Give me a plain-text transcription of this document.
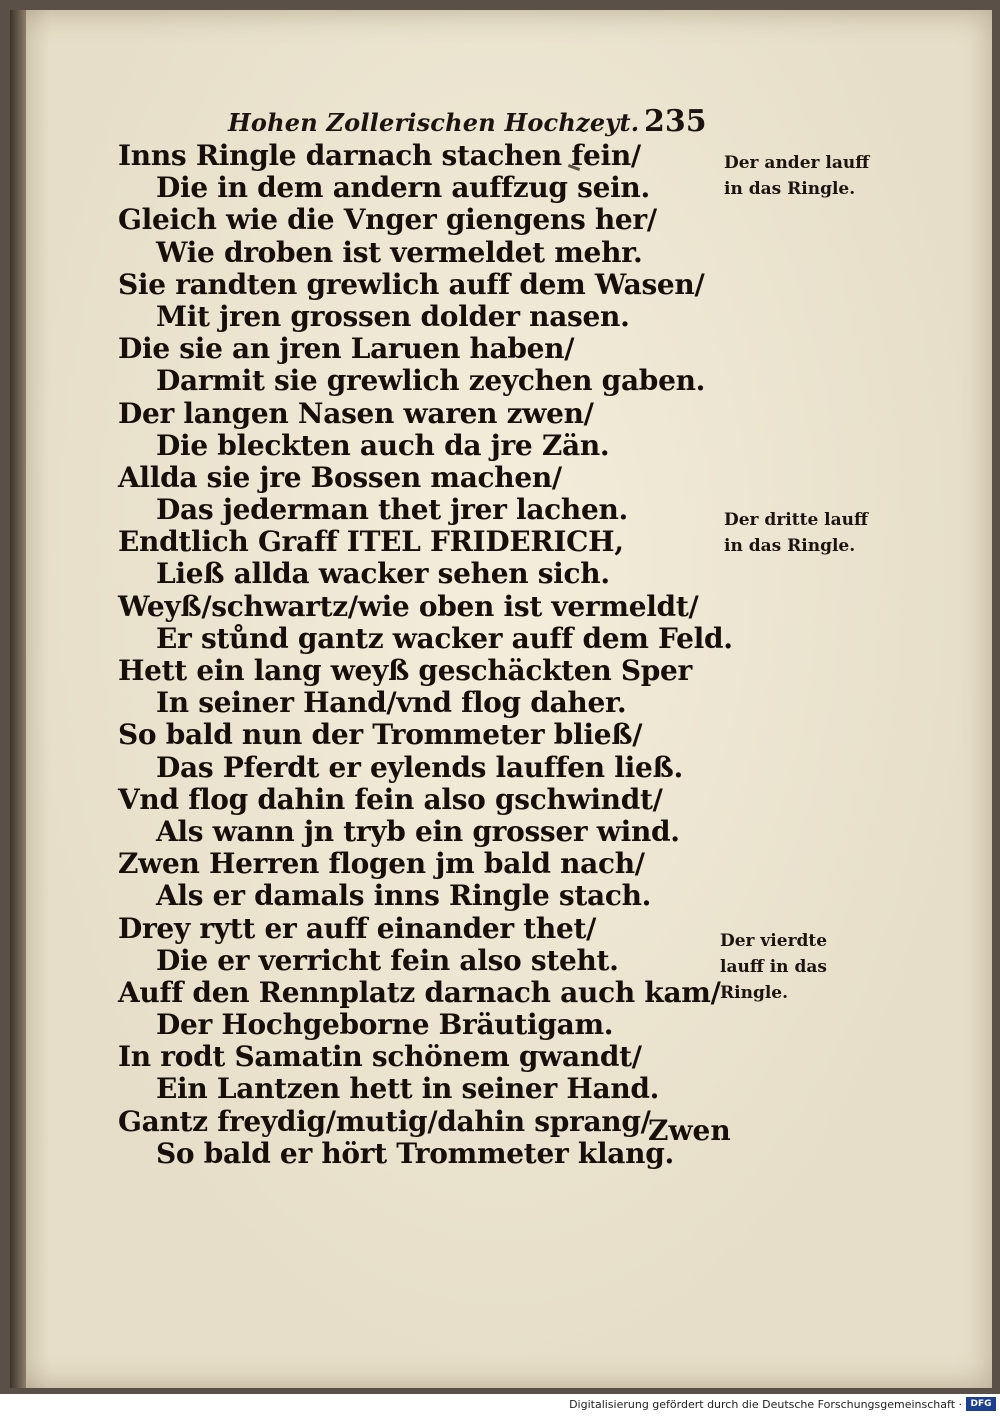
Hohen Zollerischen Hochzeyt. 235
Inns Ringle darnach stachen fein/
Die in dem andern auffzug sein.
Gleich wie die Vnger giengens her/
Wie droben ist vermeldet mehr.
Sie randten grewlich auff dem Wasen/
Mit jren grossen dolder nasen.
Die sie an jren Laruen haben/
Darmit sie grewlich zeychen gaben.
Der langen Nasen waren zwen/
Die bleckten auch da jre Zän.
Allda sie jre Bossen machen/
Das jederman thet jrer lachen.
Endtlich Graff ITEL FRIDERICH,
Ließ allda wacker sehen sich.
Weyß/schwartz/wie oben ist vermeldt/
Er stůnd gantz wacker auff dem Feld.
Hett ein lang weyß geschäckten Sper
In seiner Hand/vnd flog daher.
So bald nun der Trommeter bließ/
Das Pferdt er eylends lauffen ließ.
Vnd flog dahin fein also gschwindt/
Als wann jn tryb ein grosser wind.
Zwen Herren flogen jm bald nach/
Als er damals inns Ringle stach.
Drey rytt er auff einander thet/
Die er verricht fein also steht.
Auff den Rennplatz darnach auch kam/
Der Hochgeborne Bräutigam.
In rodt Samatin schönem gwandt/
Ein Lantzen hett in seiner Hand.
Gantz freydig/mutig/dahin sprang/
So bald er hört Trommeter klang.
Der ander lauff
in das Ringle.
Der dritte lauff
in das Ringle.
Der vierdte
lauff in das
Ringle.
Zwen
Digitalisierung gefördert durch die Deutsche Forschungsgemeinschaft · DFG
